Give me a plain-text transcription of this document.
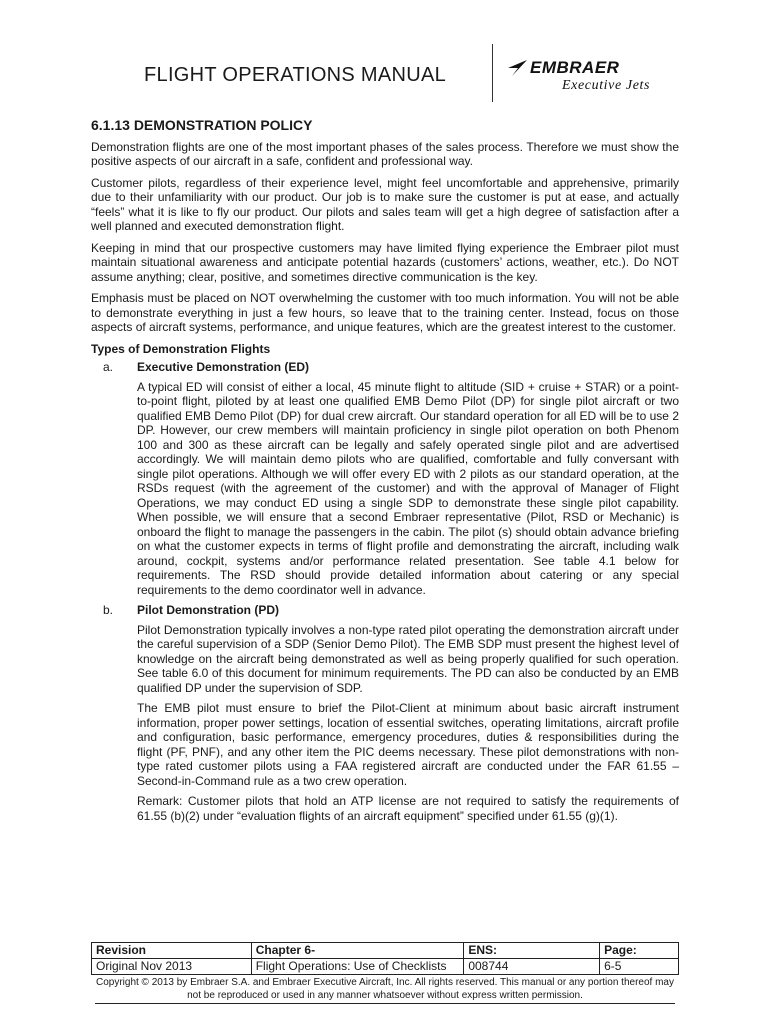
FLIGHT OPERATIONS MANUAL	EMBRAER
Executive Jets
6.1.13 DEMONSTRATION POLICY
Demonstration flights are one of the most important phases of the sales process. Therefore we must show the positive aspects of our aircraft in a safe, confident and professional way.
Customer pilots, regardless of their experience level, might feel uncomfortable and apprehensive, primarily due to their unfamiliarity with our product. Our job is to make sure the customer is put at ease, and actually “feels” what it is like to fly our product. Our pilots and sales team will get a high degree of satisfaction after a well planned and executed demonstration flight.
Keeping in mind that our prospective customers may have limited flying experience the Embraer pilot must maintain situational awareness and anticipate potential hazards (customers’ actions, weather, etc.). Do NOT assume anything; clear, positive, and sometimes directive communication is the key.
Emphasis must be placed on NOT overwhelming the customer with too much information. You will not be able to demonstrate everything in just a few hours, so leave that to the training center. Instead, focus on those aspects of aircraft systems, performance, and unique features, which are the greatest interest to the customer.
Types of Demonstration Flights
a. Executive Demonstration (ED)
A typical ED will consist of either a local, 45 minute flight to altitude (SID + cruise + STAR) or a point-to-point flight, piloted by at least one qualified EMB Demo Pilot (DP) for single pilot aircraft or two qualified EMB Demo Pilot (DP) for dual crew aircraft. Our standard operation for all ED will be to use 2 DP. However, our crew members will maintain proficiency in single pilot operation on both Phenom 100 and 300 as these aircraft can be legally and safely operated single pilot and are advertised accordingly. We will maintain demo pilots who are qualified, comfortable and fully conversant with single pilot operations. Although we will offer every ED with 2 pilots as our standard operation, at the RSDs request (with the agreement of the customer) and with the approval of Manager of Flight Operations, we may conduct ED using a single SDP to demonstrate these single pilot capability. When possible, we will ensure that a second Embraer representative (Pilot, RSD or Mechanic) is onboard the flight to manage the passengers in the cabin. The pilot (s) should obtain advance briefing on what the customer expects in terms of flight profile and demonstrating the aircraft, including walk around, cockpit, systems and/or performance related presentation. See table 4.1 below for requirements. The RSD should provide detailed information about catering or any special requirements to the demo coordinator well in advance.
b. Pilot Demonstration (PD)
Pilot Demonstration typically involves a non-type rated pilot operating the demonstration aircraft under the careful supervision of a SDP (Senior Demo Pilot). The EMB SDP must present the highest level of knowledge on the aircraft being demonstrated as well as being properly qualified for such operation. See table 6.0 of this document for minimum requirements. The PD can also be conducted by an EMB qualified DP under the supervision of SDP.
The EMB pilot must ensure to brief the Pilot-Client at minimum about basic aircraft instrument information, proper power settings, location of essential switches, operating limitations, aircraft profile and configuration, basic performance, emergency procedures, duties & responsibilities during the flight (PF, PNF), and any other item the PIC deems necessary. These pilot demonstrations with non-type rated customer pilots using a FAA registered aircraft are conducted under the FAR 61.55 – Second-in-Command rule as a two crew operation.
Remark: Customer pilots that hold an ATP license are not required to satisfy the requirements of 61.55 (b)(2) under “evaluation flights of an aircraft equipment” specified under 61.55 (g)(1).
Revision	Chapter 6-	ENS:	Page:
Original Nov 2013	Flight Operations: Use of Checklists	008744	6-5
Copyright © 2013 by Embraer S.A. and Embraer Executive Aircraft, Inc. All rights reserved. This manual or any portion thereof may not be reproduced or used in any manner whatsoever without express written permission.
